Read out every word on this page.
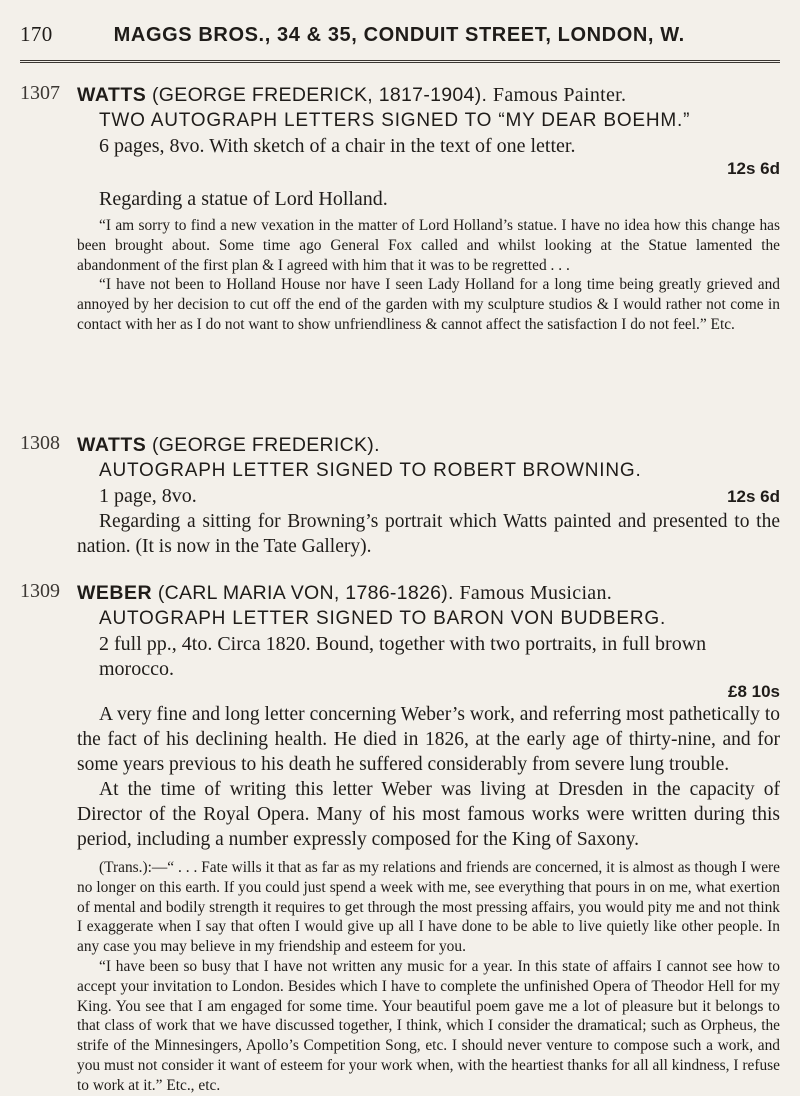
170	MAGGS BROS., 34 & 35, CONDUIT STREET, LONDON, W.
1307 WATTS (GEORGE FREDERICK, 1817-1904). Famous Painter.
TWO AUTOGRAPH LETTERS SIGNED TO “MY DEAR BOEHM.”
6 pages, 8vo. With sketch of a chair in the text of one letter.
12s 6d
Regarding a statue of Lord Holland.

“I am sorry to find a new vexation in the matter of Lord Holland’s statue. I have no idea how this change has been brought about. Some time ago General Fox called and whilst looking at the Statue lamented the abandonment of the first plan & I agreed with him that it was to be regretted . . .

“I have not been to Holland House nor have I seen Lady Holland for a long time being greatly grieved and annoyed by her decision to cut off the end of the garden with my sculpture studios & I would rather not come in contact with her as I do not want to show unfriendliness & cannot affect the satisfaction I do not feel.” Etc.

1308 WATTS (GEORGE FREDERICK).
AUTOGRAPH LETTER SIGNED TO ROBERT BROWNING.
12s 6d
1 page, 8vo.

Regarding a sitting for Browning’s portrait which Watts painted and presented to the nation. (It is now in the Tate Gallery).

1309 WEBER (CARL MARIA VON, 1786-1826). Famous Musician.
AUTOGRAPH LETTER SIGNED TO BARON VON BUDBERG.
2 full pp., 4to. Circa 1820. Bound, together with two portraits, in full brown morocco.
£8 10s

A very fine and long letter concerning Weber’s work, and referring most pathetically to the fact of his declining health. He died in 1826, at the early age of thirty-nine, and for some years previous to his death he suffered considerably from severe lung trouble.

At the time of writing this letter Weber was living at Dresden in the capacity of Director of the Royal Opera. Many of his most famous works were written during this period, including a number expressly composed for the King of Saxony.

(Trans.):—“ . . . Fate wills it that as far as my relations and friends are concerned, it is almost as though I were no longer on this earth. If you could just spend a week with me, see everything that pours in on me, what exertion of mental and bodily strength it requires to get through the most pressing affairs, you would pity me and not think I exaggerate when I say that often I would give up all I have done to be able to live quietly like other people. In any case you may believe in my friendship and esteem for you.

“I have been so busy that I have not written any music for a year. In this state of affairs I cannot see how to accept your invitation to London. Besides which I have to complete the unfinished Opera of Theodor Hell for my King. You see that I am engaged for some time. Your beautiful poem gave me a lot of pleasure but it belongs to that class of work that we have discussed together, I think, which I consider the dramatical; such as Orpheus, the strife of the Minnesingers, Apollo’s Competition Song, etc. I should never venture to compose such a work, and you must not consider it want of esteem for your work when, with the heartiest thanks for all all kindness, I refuse to work at it.” Etc., etc.
